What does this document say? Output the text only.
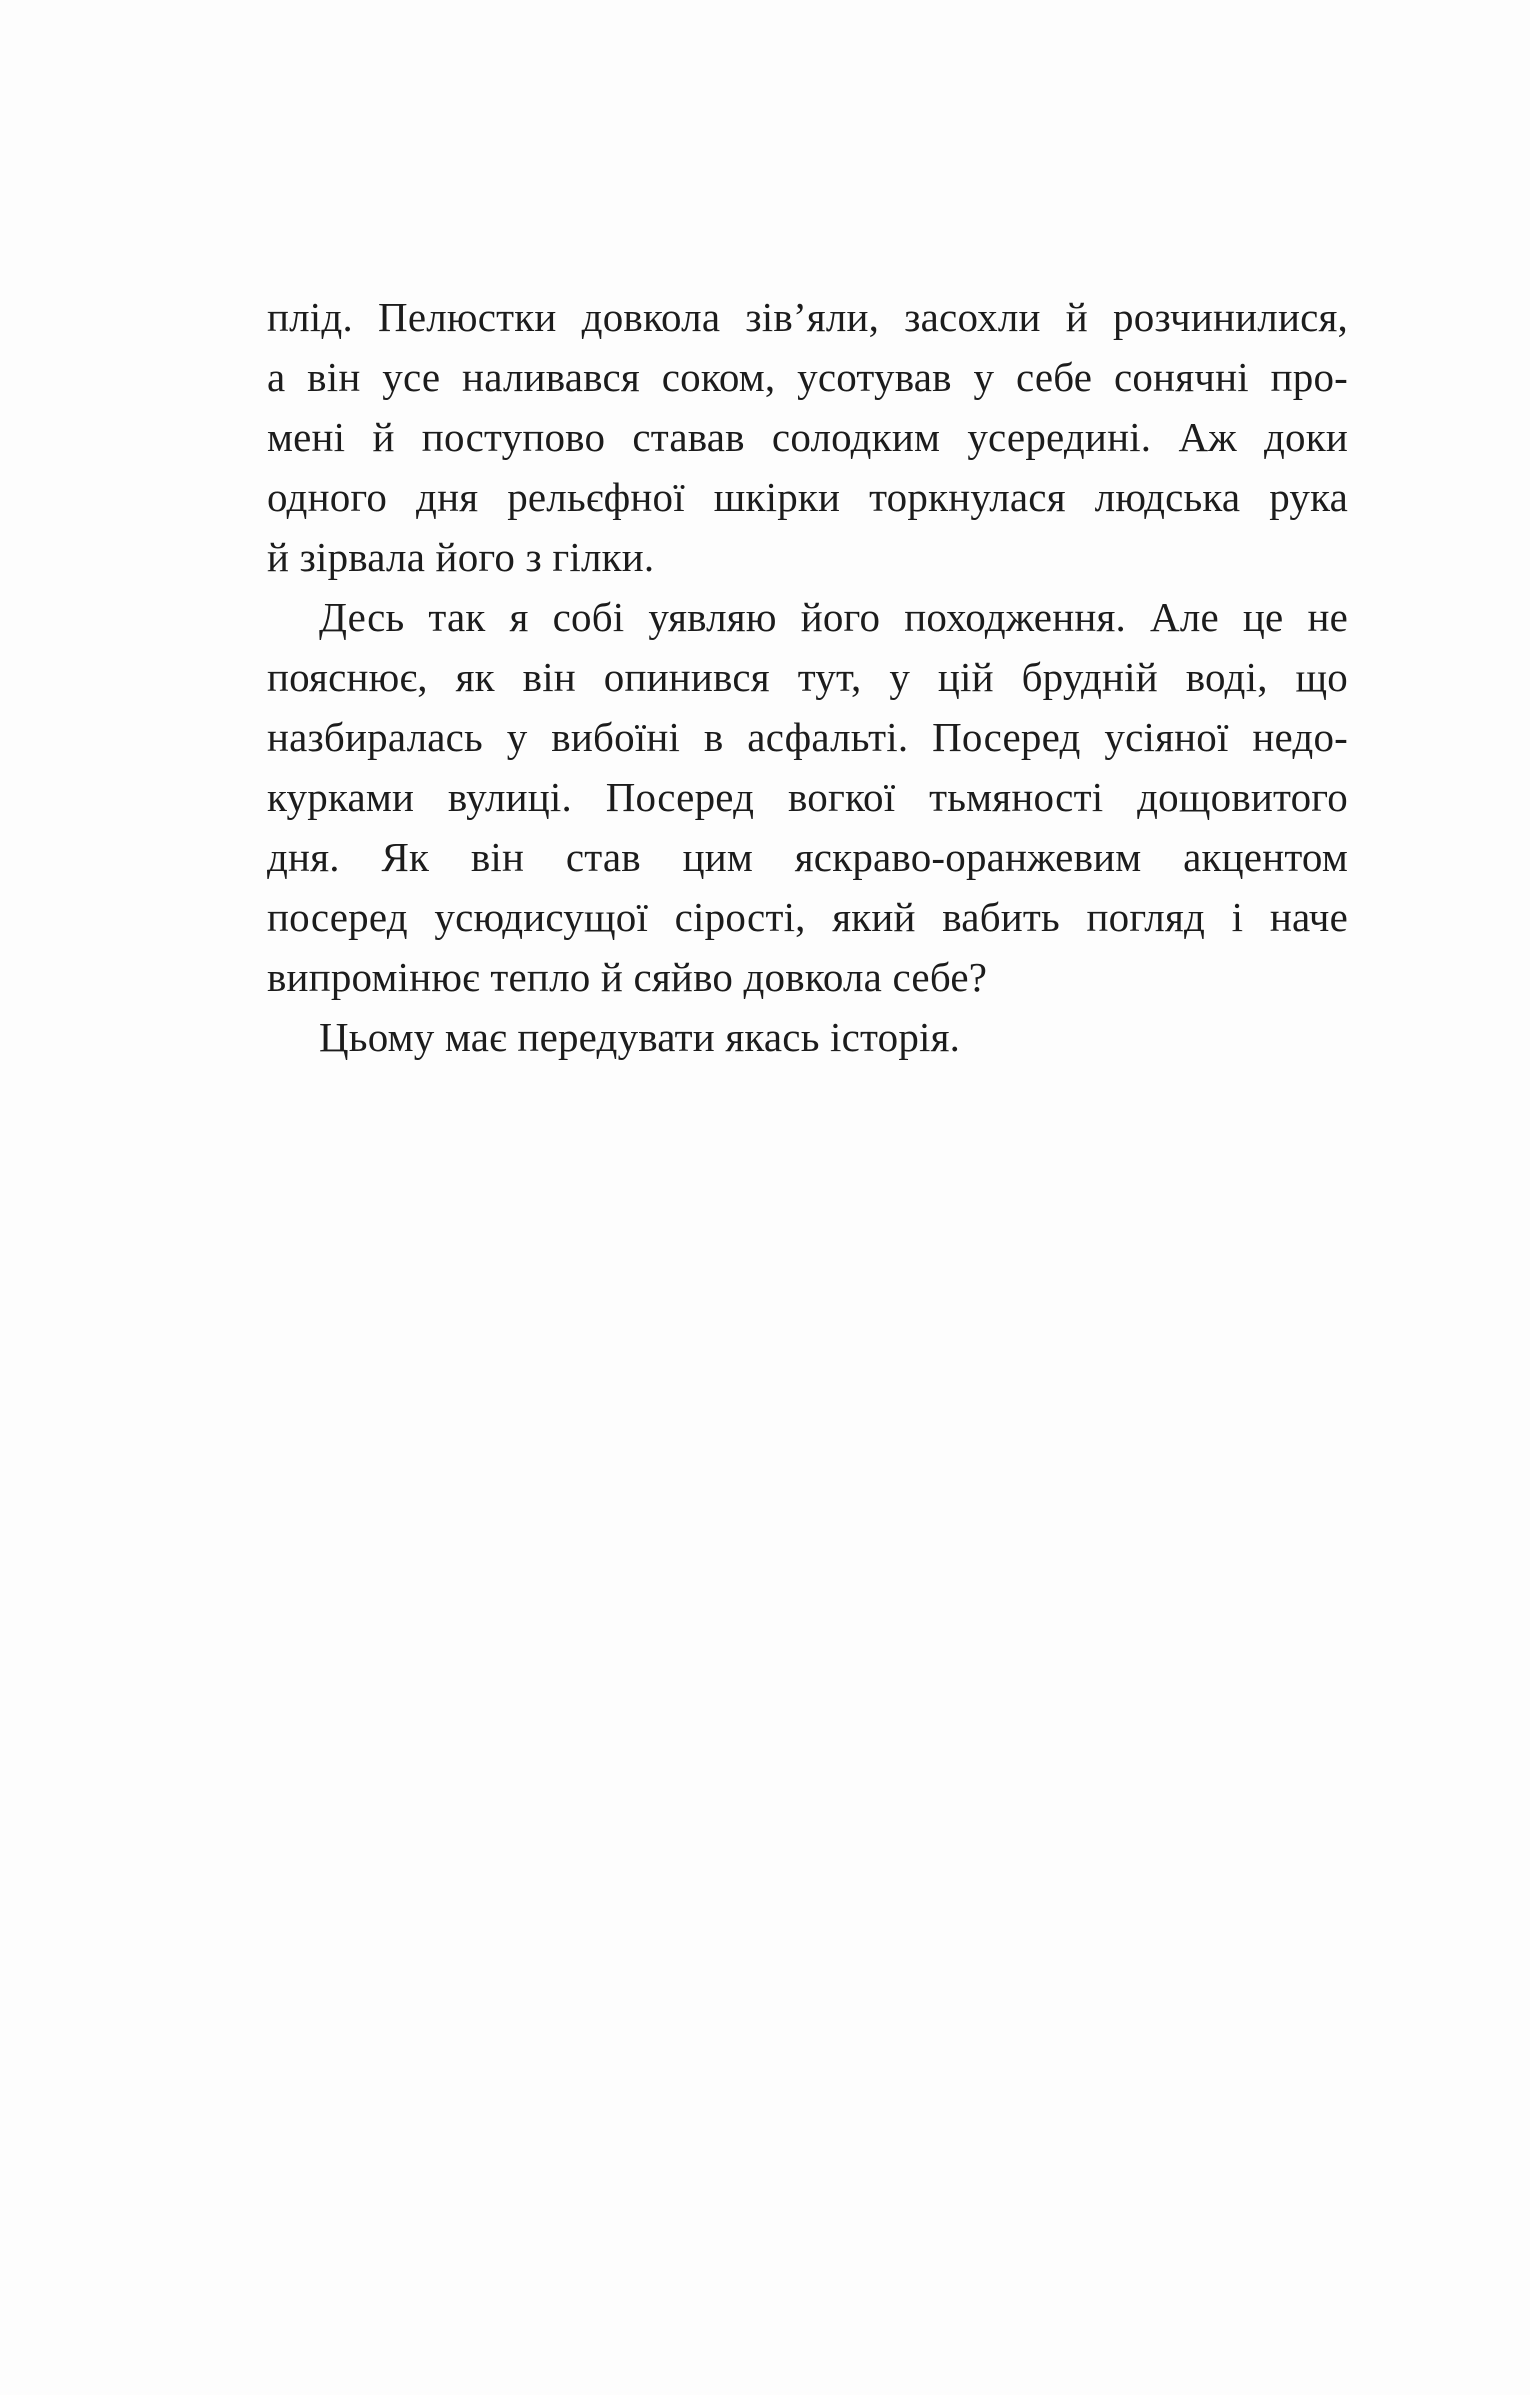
плід. Пелюстки довкола зів’яли, засохли й розчинилися,
а він усе наливався соком, усотував у себе сонячні про-
мені й поступово ставав солодким усередині. Аж доки
одного дня рельєфної шкірки торкнулася людська рука
й зірвала його з гілки.
Десь так я собі уявляю його походження. Але це не
пояснює, як він опинився тут, у цій брудній воді, що
назбиралась у вибоїні в асфальті. Посеред усіяної недо-
курками вулиці. Посеред вогкої тьмяності дощовитого
дня. Як він став цим яскраво-оранжевим акцентом
посеред усюдисущої сірості, який вабить погляд і наче
випромінює тепло й сяйво довкола себе?
Цьому має передувати якась історія.
